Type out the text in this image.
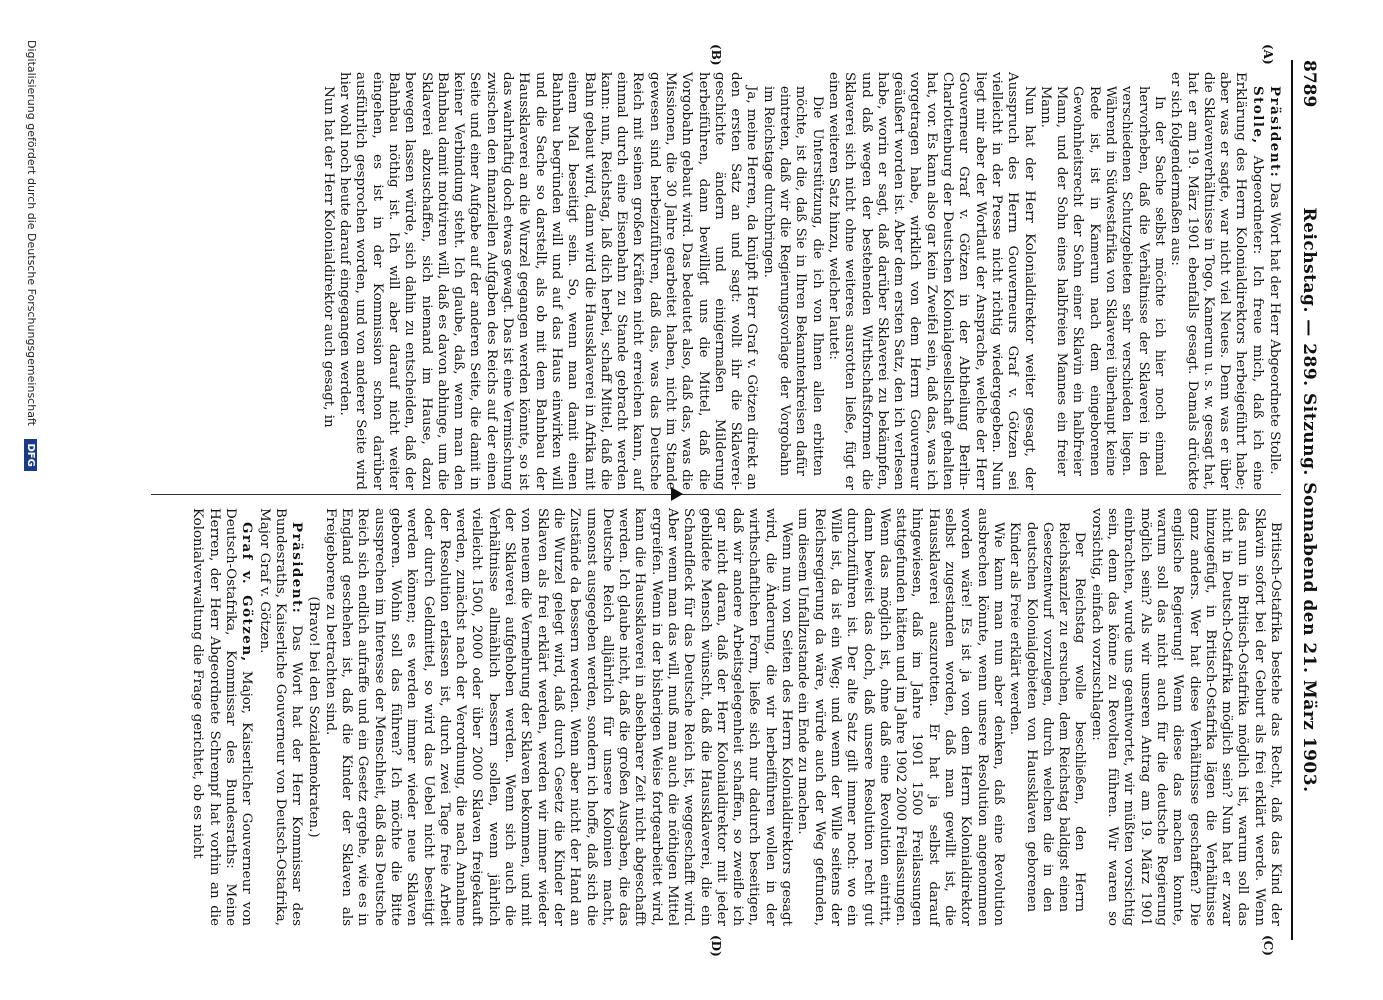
8789
Reichstag. — 289. Sitzung. Sonnabend den 21. März 1903.
(A)
(B)
(C)
(D)

Präsident: Das Wort hat der Herr Abgeordnete Stolle.

Stolle, Abgeordneter: Ich freue mich, daß ich eine Erklärung des Herrn Kolonialdirektors herbeigeführt habe; aber was er sagte, war nicht viel Neues. Denn was er über die Sklavenverhältnisse in Togo, Kamerun u. s. w. gesagt hat, hat er am 19. März 1901 ebenfalls gesagt. Damals drückte er sich folgendermaßen aus:

In der Sache selbst möchte ich hier noch einmal hervorheben, daß die Verhältnisse der Sklaverei in den verschiedenen Schutzgebieten sehr verschieden liegen. Während in Südwestafrika von Sklaverei überhaupt keine Rede ist, ist in Kamerun nach dem eingeborenen Gewohnheitsrecht der Sohn einer Sklavin ein halbfreier Mann, und der Sohn eines halbfreien Mannes ein freier Mann.

Nun hat der Herr Kolonialdirektor weiter gesagt, der Ausspruch des Herrn Gouverneurs Graf v. Götzen sei vielleicht in der Presse nicht richtig wiedergegeben. Nun liegt mir aber der Wortlaut der Ansprache, welche der Herr Gouverneur Graf v. Götzen in der Abtheilung Berlin-Charlottenburg der Deutschen Kolonialgesellschaft gehalten hat, vor. Es kann also gar kein Zweifel sein, daß das, was ich vorgetragen habe, wirklich von dem Herrn Gouverneur geäußert worden ist. Aber dem ersten Satz, den ich verlesen habe, worin er sagt, daß darüber Sklaverei zu bekämpfen, und daß wegen der bestehenden Wirthschaftsformen die Sklaverei sich nicht ohne weiteres ausrotten ließe, fügt er einen weiteren Satz hinzu, welcher lautet:

Die Unterstützung, die ich von Ihnen allen erbitten möchte, ist die, daß Sie in Ihren Bekanntenkreisen dafür eintreten, daß wir die Regierungsvorlage der Vorgobahn im Reichstage durchbringen.

Ja, meine Herren, da knüpft Herr Graf v. Götzen direkt an den ersten Satz an und sagt: wollt ihr die Sklaverei-geschichte ändern und einigermaßen Milderung herbeiführen, dann bewilligt uns die Mittel, daß die Vorgobahn gebaut wird. Das bedeutet also, daß das, was die Missionen, die 30 Jahre gearbeitet haben, nicht im Stande gewesen sind herbeizuführen, daß das, was das Deutsche Reich mit seinen großen Kräften nicht erreichen kann, auf einmal durch eine Eisenbahn zu Stande gebracht werden kann: nun, Reichstag, laß dich herbei, schaff Mittel, daß die Bahn gebaut wird, dann wird die Haussklaverei in Afrika mit einem Mal beseitigt sein. So, wenn man damit einen Bahnbau begründen will und auf das Haus einwirken will und die Sache so darstellt, als ob mit dem Bahnbau der Haussklaverei an die Wurzel gegangen werden könnte, so ist das wahrhaftig doch etwas gewagt. Das ist eine Vermischung zwischen den finanziellen Aufgaben des Reichs auf der einen Seite und einer Aufgabe auf der anderen Seite, die damit in keiner Verbindung steht. Ich glaube, daß, wenn man den Bahnbau damit motiviren will, daß es davon abhinge, um die Sklaverei abzuschaffen, sich niemand im Hause, dazu bewegen lassen würde, sich dahin zu entscheiden, daß der Bahnbau nöthig ist. Ich will aber darauf nicht weiter eingehen, es ist in der Kommission schon darüber ausführlich gesprochen worden, und von anderer Seite wird hier wohl noch heute darauf eingegangen werden.

Nun hat der Herr Kolonialdirektor auch gesagt, in

Britisch-Ostafrika bestehe das Recht, daß das Kind der Sklavin sofort bei der Geburt als frei erklärt werde. Wenn das nun in Britisch-Ostafrika möglich ist, warum soll das nicht in Deutsch-Ostafrika möglich sein? Nun hat er zwar hinzugefügt, in Britisch-Ostafrika lägen die Verhältnisse ganz anders. Wer hat diese Verhältnisse geschaffen? Die englische Regierung! Wenn diese das machen konnte, warum soll das nicht auch für die deutsche Regierung möglich sein? Als wir unseren Antrag am 19. März 1901 einbrachten, wurde uns geantwortet, wir müßten vorsichtig sein, denn das könne zu Revolten führen. Wir waren so vorsichtig, einfach vorzuschlagen:

Der Reichstag wolle beschließen, den Herrn Reichskanzler zu ersuchen, dem Reichstag baldigst einen Gesetzentwurf vorzulegen, durch welchen die in den deutschen Kolonialgebieten von Haussklaven geborenen Kinder als Freie erklärt werden.

Wie kann man nun aber denken, daß eine Revolution ausbrechen könnte, wenn unsere Resolution angenommen worden wäre! Es ist ja von dem Herrn Kolonialdirektor selbst zugestanden worden, daß man gewillt ist, die Haussklaverei auszurotten. Er hat ja selbst darauf hingewiesen, daß im Jahre 1901 1500 Freilassungen stattgefunden hätten und im Jahre 1902 2000 Freilassungen. Wenn das möglich ist, ohne daß eine Revolution eintritt, dann beweist das doch, daß unsere Resolution recht gut durchzuführen ist. Der alte Satz gilt immer noch: wo ein Wille ist, da ist ein Weg; und wenn der Wille seitens der Reichsregierung da wäre, würde auch der Weg gefunden, um diesem Unfallzustande ein Ende zu machen.

Wenn nun von Seiten des Herrn Kolonialdirektors gesagt wird, die Änderung, die wir herbeiführen wollen in der wirthschaftlichen Form, ließe sich nur dadurch beseitigen, daß wir andere Arbeitsgelegenheit schaffen, so zweifle ich gar nicht daran, daß der Herr Kolonialdirektor mit jeder gebildete Mensch wünscht, daß die Haussklaverei, die ein Schandfleck für das Deutsche Reich ist, weggeschafft wird. Aber wenn man das will, muß man auch die nöthigen Mittel ergreifen. Wenn in der bisherigen Weise fortgearbeitet wird, kann die Haussklaverei in absehbarer Zeit nicht abgeschafft werden. Ich glaube nicht, daß die großen Ausgaben, die das Deutsche Reich alljährlich für unsere Kolonien macht, umsonst ausgegeben werden, sondern ich hoffe, daß sich die Zustände da bessern werden. Wenn aber nicht der Hand an die Wurzel gelegt wird, daß durch Gesetz die Kinder der Sklaven als frei erklärt werden, werden wir immer wieder von neuem die Vermehrung der Sklaven bekommen, und mit der Sklaverei aufgehoben werden. Wenn sich auch die Verhältnisse allmählich bessern sollen, wenn jährlich vielleicht 1500, 2000 oder über 2000 Sklaven freigekauft werden, zunächst nach der Verordnung, die nach Annahme der Resolution erlassen ist, durch zwei Tage freie Arbeit oder durch Geldmittel, so wird das Uebel nicht beseitigt werden können; es werden immer wieder neue Sklaven geboren. Wohin soll das führen? Ich möchte die Bitte aussprechen im Interesse der Menschheit, daß das Deutsche Reich sich endlich aufraffe und ein Gesetz ergehe, wie es in England geschehen ist, daß die Kinder der Sklaven als Freigeborene zu betrachten sind.

(Bravo! bei den Sozialdemokraten.)

Präsident: Das Wort hat der Herr Kommissar des Bundesraths, Kaiserliche Gouverneur von Deutsch-Ostafrika, Major Graf v. Götzen.

Graf v. Götzen, Major, Kaiserlicher Gouverneur von Deutsch-Ostafrika, Kommissar des Bundesraths: Meine Herren, der Herr Abgeordnete Schrempf hat vorhin an die Kolonialverwaltung die Frage gerichtet, ob es nicht

Digitalisierung gefördert durch die Deutsche Forschungsgemeinschaft DFG
